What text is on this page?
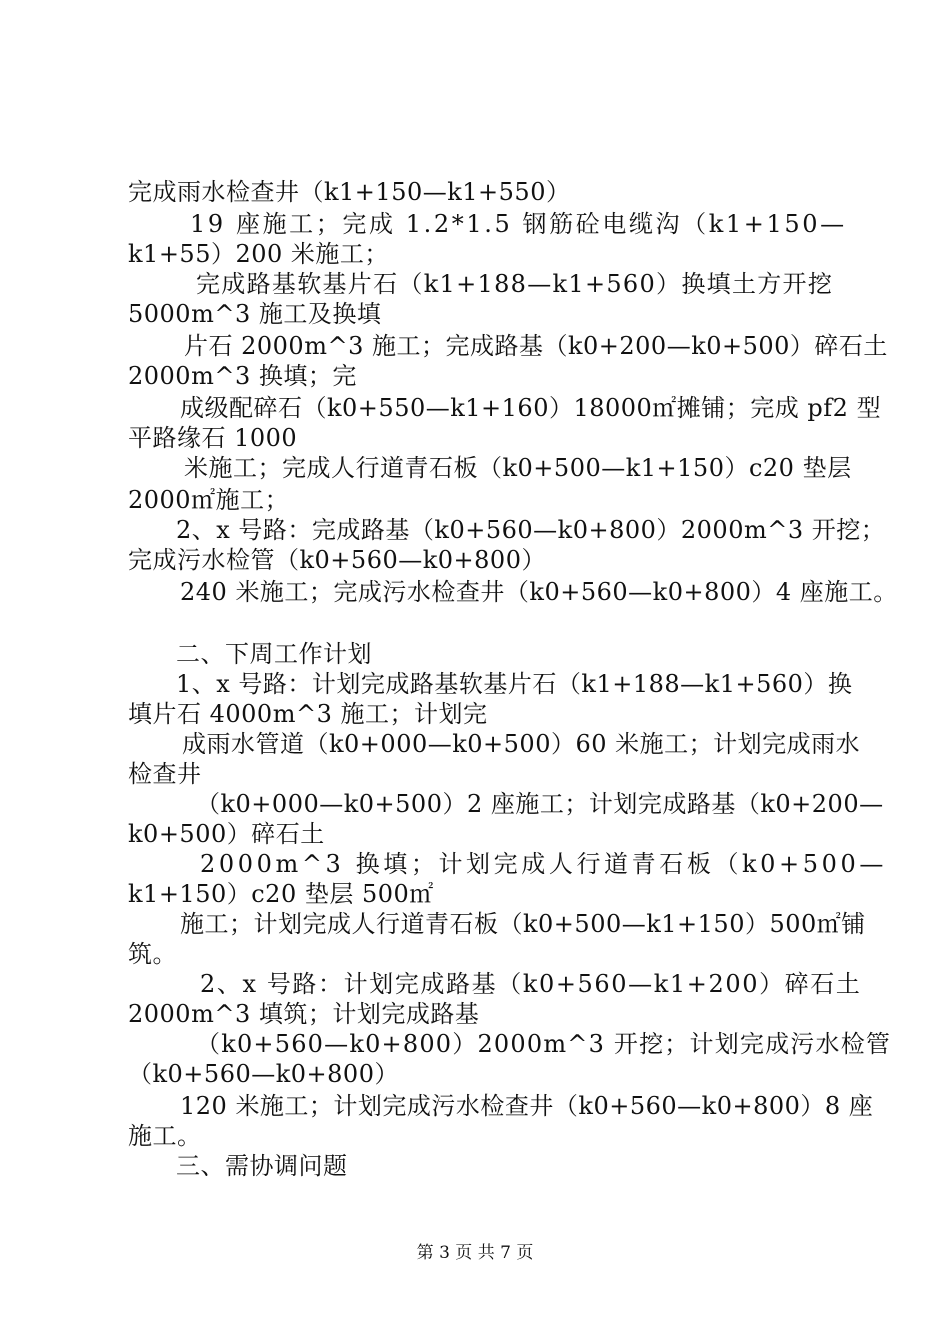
完成雨水检查井（k1+150—k1+550）
19 座施工；完成 1.2*1.5 钢筋砼电缆沟（k1+150—
k1+55）200 米施工；
完成路基软基片石（k1+188—k1+560）换填土方开挖
5000m^3 施工及换填
片石 2000m^3 施工；完成路基（k0+200—k0+500）碎石土
2000m^3 换填；完
成级配碎石（k0+550—k1+160）18000㎡摊铺；完成 pf2 型
平路缘石 1000
米施工；完成人行道青石板（k0+500—k1+150）c20 垫层
2000㎡施工；
2、x 号路：完成路基（k0+560—k0+800）2000m^3 开挖；
完成污水检管（k0+560—k0+800）
240 米施工；完成污水检查井（k0+560—k0+800）4 座施工。
二、下周工作计划
1、x 号路：计划完成路基软基片石（k1+188—k1+560）换
填片石 4000m^3 施工；计划完
成雨水管道（k0+000—k0+500）60 米施工；计划完成雨水
检查井
（k0+000—k0+500）2 座施工；计划完成路基（k0+200—
k0+500）碎石土
2000m^3 换填；计划完成人行道青石板（k0+500—
k1+150）c20 垫层 500㎡
施工；计划完成人行道青石板（k0+500—k1+150）500㎡铺
筑。
2、x 号路：计划完成路基（k0+560—k1+200）碎石土
2000m^3 填筑；计划完成路基
（k0+560—k0+800）2000m^3 开挖；计划完成污水检管
（k0+560—k0+800）
120 米施工；计划完成污水检查井（k0+560—k0+800）8 座
施工。
三、需协调问题
第 3 页 共 7 页
